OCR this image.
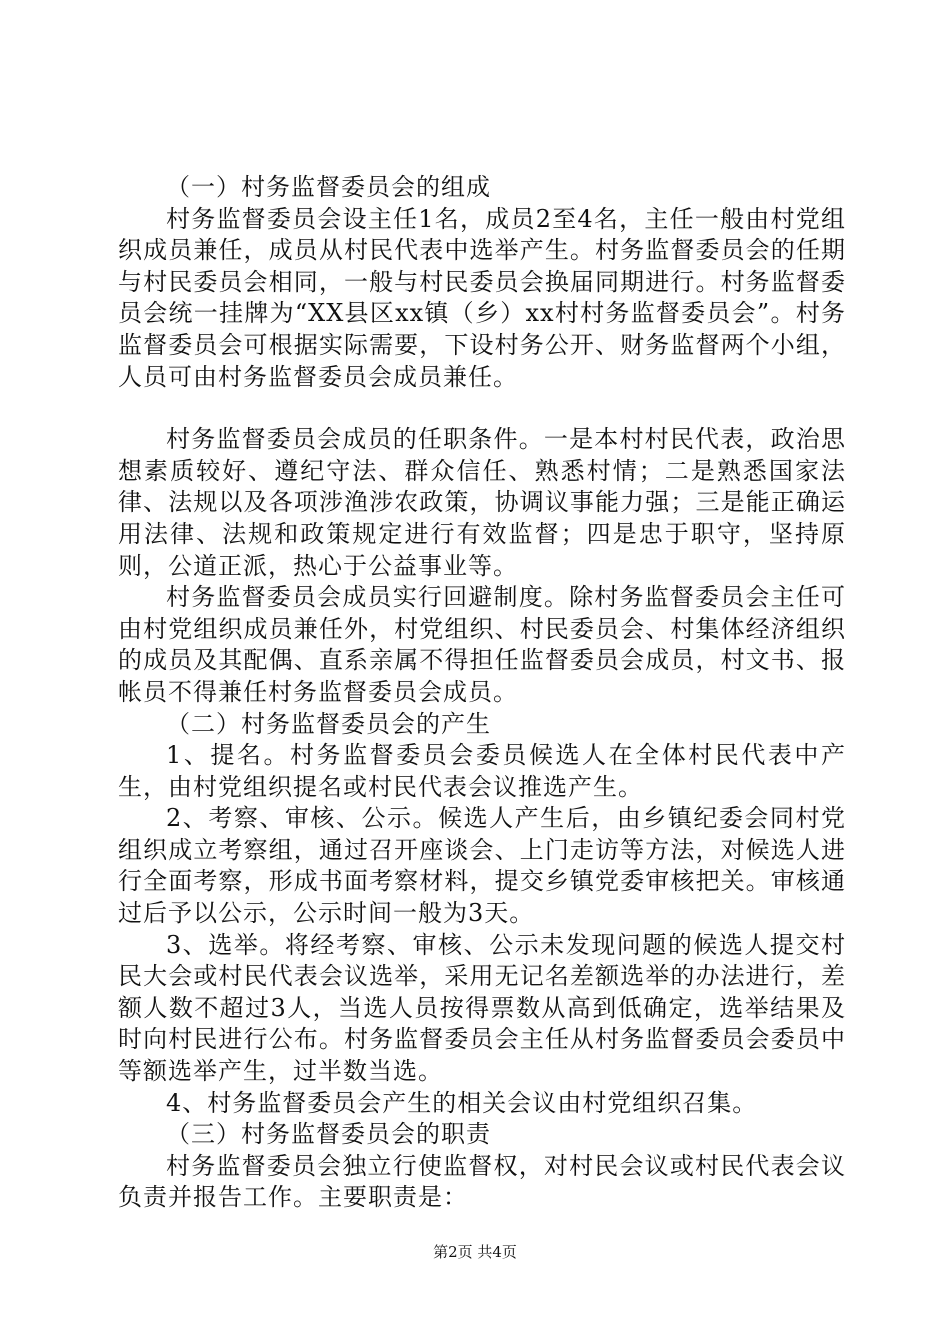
（一）村务监督委员会的组成

村务监督委员会设主任1名，成员2至4名，主任一般由村党组织成员兼任，成员从村民代表中选举产生。村务监督委员会的任期与村民委员会相同，一般与村民委员会换届同期进行。村务监督委员会统一挂牌为“XX县区xx镇（乡）xx村村务监督委员会”。村务监督委员会可根据实际需要，下设村务公开、财务监督两个小组，人员可由村务监督委员会成员兼任。

村务监督委员会成员的任职条件。一是本村村民代表，政治思想素质较好、遵纪守法、群众信任、熟悉村情；二是熟悉国家法律、法规以及各项涉渔涉农政策，协调议事能力强；三是能正确运用法律、法规和政策规定进行有效监督；四是忠于职守，坚持原则，公道正派，热心于公益事业等。

村务监督委员会成员实行回避制度。除村务监督委员会主任可由村党组织成员兼任外，村党组织、村民委员会、村集体经济组织的成员及其配偶、直系亲属不得担任监督委员会成员，村文书、报帐员不得兼任村务监督委员会成员。

（二）村务监督委员会的产生

1、提名。村务监督委员会委员候选人在全体村民代表中产生，由村党组织提名或村民代表会议推选产生。

2、考察、审核、公示。候选人产生后，由乡镇纪委会同村党组织成立考察组，通过召开座谈会、上门走访等方法，对候选人进行全面考察，形成书面考察材料，提交乡镇党委审核把关。审核通过后予以公示，公示时间一般为3天。

3、选举。将经考察、审核、公示未发现问题的候选人提交村民大会或村民代表会议选举，采用无记名差额选举的办法进行，差额人数不超过3人，当选人员按得票数从高到低确定，选举结果及时向村民进行公布。村务监督委员会主任从村务监督委员会委员中等额选举产生，过半数当选。

4、村务监督委员会产生的相关会议由村党组织召集。

（三）村务监督委员会的职责

村务监督委员会独立行使监督权，对村民会议或村民代表会议负责并报告工作。主要职责是：

第2页 共4页
